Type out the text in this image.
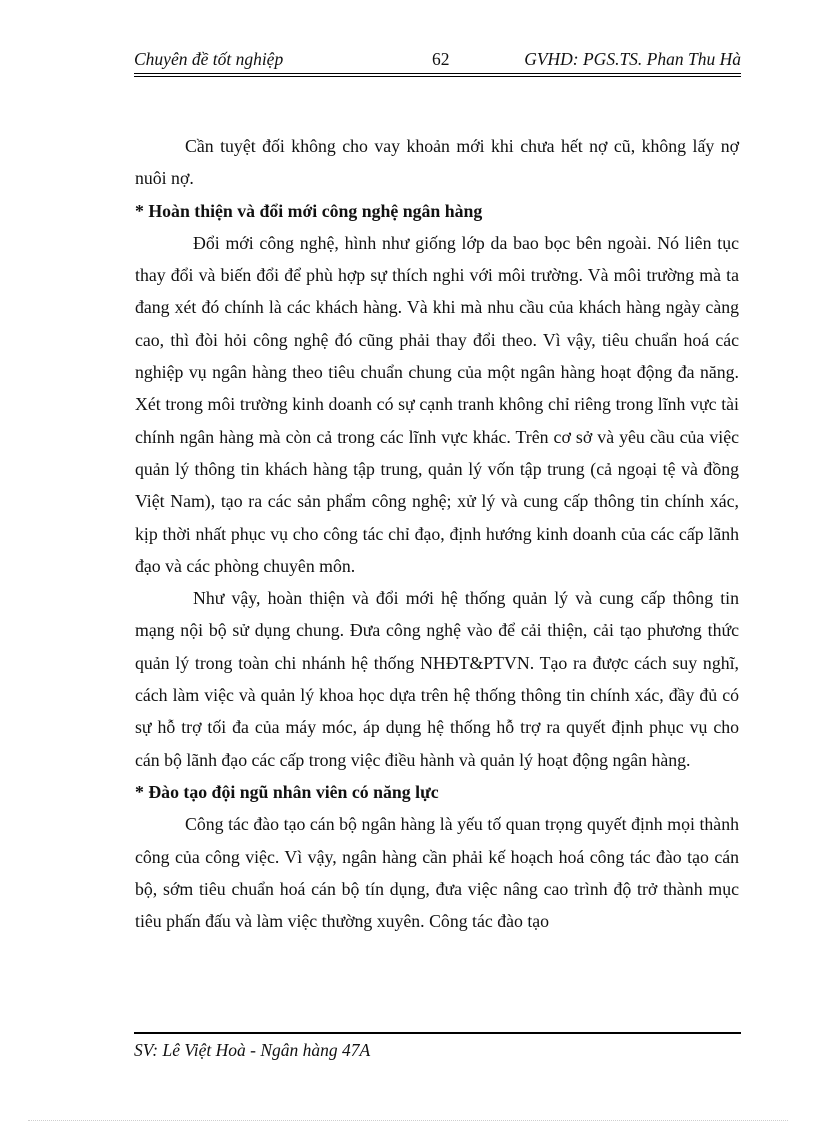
Chuyên đề tốt nghiệp	62	GVHD: PGS.TS. Phan Thu Hà

Cần tuyệt đối không cho vay khoản mới khi chưa hết nợ cũ, không lấy nợ nuôi nợ.

* Hoàn thiện và đổi mới công nghệ ngân hàng

Đổi mới công nghệ, hình như giống lớp da bao bọc bên ngoài. Nó liên tục thay đổi và biến đổi để phù hợp sự thích nghi với môi trường. Và môi trường mà ta đang xét đó chính là các khách hàng. Và khi mà nhu cầu của khách hàng ngày càng cao, thì đòi hỏi công nghệ đó cũng phải thay đổi theo. Vì vậy, tiêu chuẩn hoá các nghiệp vụ ngân hàng theo tiêu chuẩn chung của một ngân hàng hoạt động đa năng. Xét trong môi trường kinh doanh có sự cạnh tranh không chỉ riêng trong lĩnh vực tài chính ngân hàng mà còn cả trong các lĩnh vực khác. Trên cơ sở và yêu cầu của việc quản lý thông tin khách hàng tập trung, quản lý vốn tập trung (cả ngoại tệ và đồng Việt Nam), tạo ra các sản phẩm công nghệ; xử lý và cung cấp thông tin chính xác, kịp thời nhất phục vụ cho công tác chỉ đạo, định hướng kinh doanh của các cấp lãnh đạo và các phòng chuyên môn.

Như vậy, hoàn thiện và đổi mới hệ thống quản lý và cung cấp thông tin mạng nội bộ sử dụng chung. Đưa công nghệ vào để cải thiện, cải tạo phương thức quản lý trong toàn chi nhánh hệ thống NHĐT&PTVN. Tạo ra được cách suy nghĩ, cách làm việc và quản lý khoa học dựa trên hệ thống thông tin chính xác, đầy đủ có sự hỗ trợ tối đa của máy móc, áp dụng hệ thống hỗ trợ ra quyết định phục vụ cho cán bộ lãnh đạo các cấp trong việc điều hành và quản lý hoạt động ngân hàng.

* Đào tạo đội ngũ nhân viên có năng lực

Công tác đào tạo cán bộ ngân hàng là yếu tố quan trọng quyết định mọi thành công của công việc. Vì vậy, ngân hàng cần phải kế hoạch hoá công tác đào tạo cán bộ, sớm tiêu chuẩn hoá cán bộ tín dụng, đưa việc nâng cao trình độ trở thành mục tiêu phấn đấu và làm việc thường xuyên. Công tác đào tạo

SV: Lê Việt Hoà - Ngân hàng 47A
